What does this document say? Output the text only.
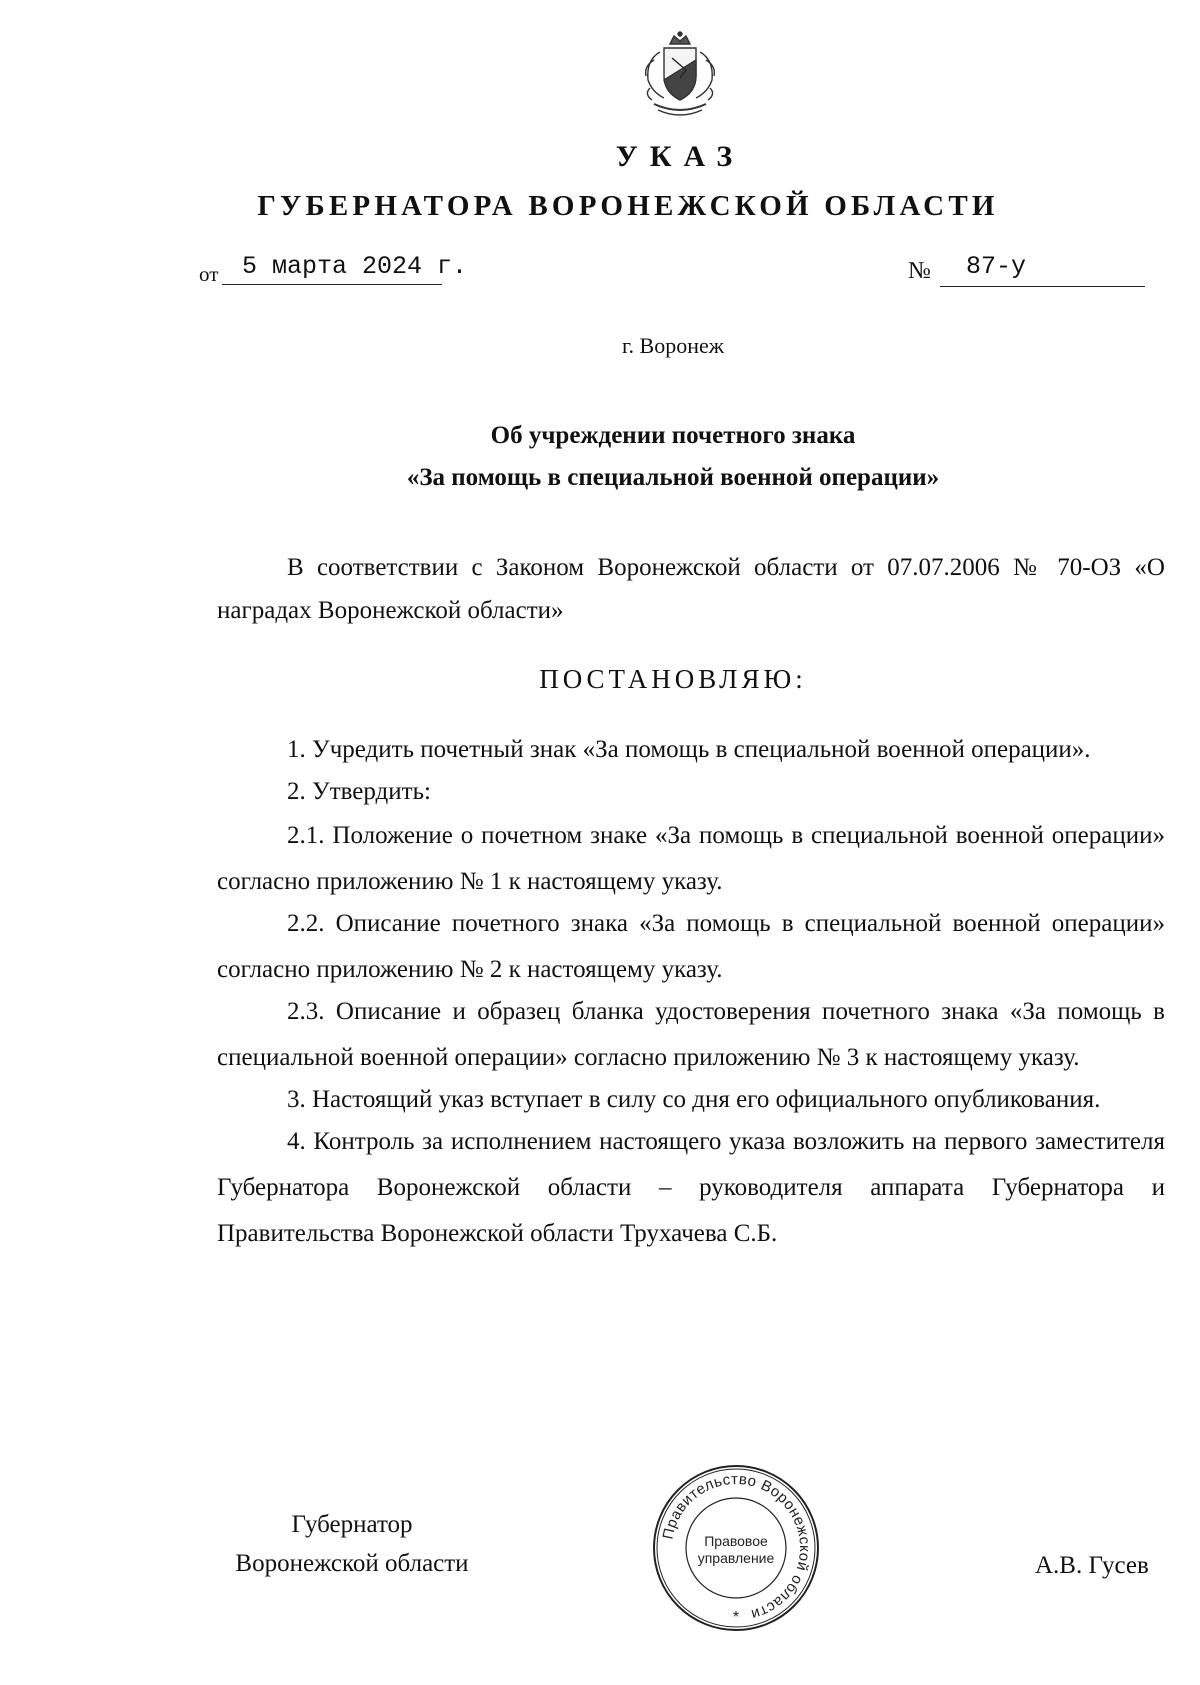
УКАЗ
ГУБЕРНАТОРА ВОРОНЕЖСКОЙ ОБЛАСТИ
от 5 марта 2024 г.	№ 87-у
г. Воронеж
Об учреждении почетного знака
«За помощь в специальной военной операции»

В соответствии с Законом Воронежской области от 07.07.2006 № 70-ОЗ «О наградах Воронежской области»

ПОСТАНОВЛЯЮ:

1. Учредить почетный знак «За помощь в специальной военной операции».

2. Утвердить:

2.1. Положение о почетном знаке «За помощь в специальной военной операции» согласно приложению № 1 к настоящему указу.

2.2. Описание почетного знака «За помощь в специальной военной операции» согласно приложению № 2 к настоящему указу.

2.3. Описание и образец бланка удостоверения почетного знака «За помощь в специальной военной операции» согласно приложению № 3 к настоящему указу.

3. Настоящий указ вступает в силу со дня его официального опубликования.

4. Контроль за исполнением настоящего указа возложить на первого заместителя Губернатора Воронежской области – руководителя аппарата Губернатора и Правительства Воронежской области Трухачева С.Б.

Губернатор
Воронежской области	А.В. Гусев
Правительство Воронежской области
Правовое
управление
*
